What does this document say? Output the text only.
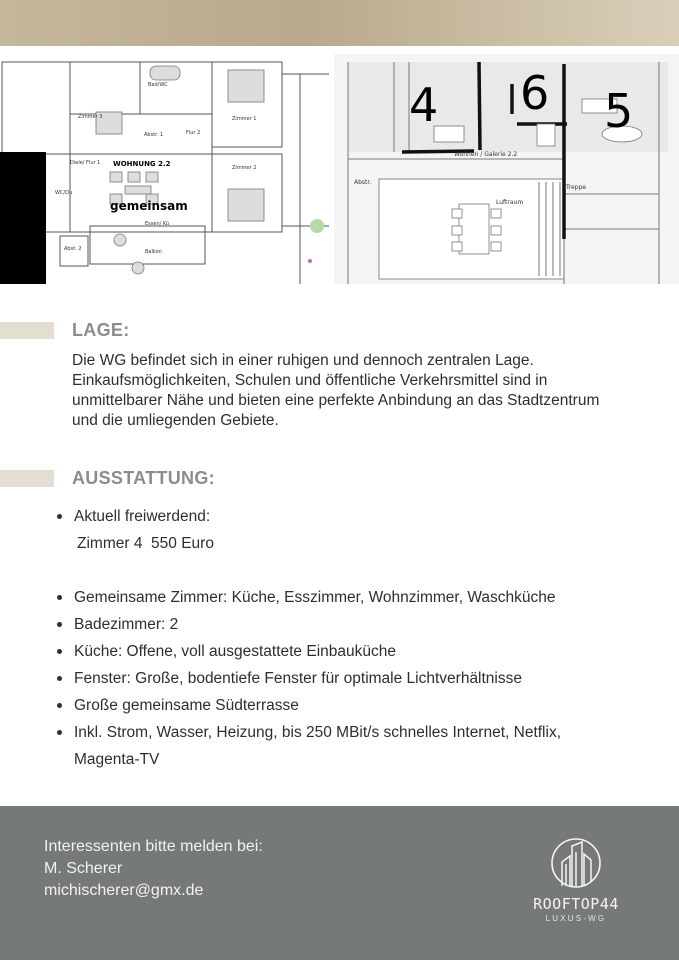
Zimmer 3	Zimmer 1
Zimmer 2
Bad/WC
Flur 2
Abstr. 1
Diele/ Flur 1
Essen/ Kü
Balkon
Abst. 2
WC/Du
WOHNUNG 2.2
gemeinsam
Wohnen / Galerie 2.2
Abstr.
Luftraum
Treppe
4 6 5
LAGE:
Die WG befindet sich in einer ruhigen und dennoch zentralen Lage. Einkaufsmöglichkeiten, Schulen und öffentliche Verkehrsmittel sind in unmittelbarer Nähe und bieten eine perfekte Anbindung an das Stadtzentrum und die umliegenden Gebiete.
AUSSTATTUNG:
Aktuell freiwerdend:
Zimmer 4  550 Euro
Gemeinsame Zimmer: Küche, Esszimmer, Wohnzimmer, Waschküche
Badezimmer: 2
Küche: Offene, voll ausgestattete Einbauküche
Fenster: Große, bodentiefe Fenster für optimale Lichtverhältnisse
Große gemeinsame Südterrasse
Inkl. Strom, Wasser, Heizung, bis 250 MBit/s schnelles Internet, Netflix, Magenta-TV
Interessenten bitte melden bei:
M. Scherer
michischerer@gmx.de
ROOFTOP44
LUXUS-WG
